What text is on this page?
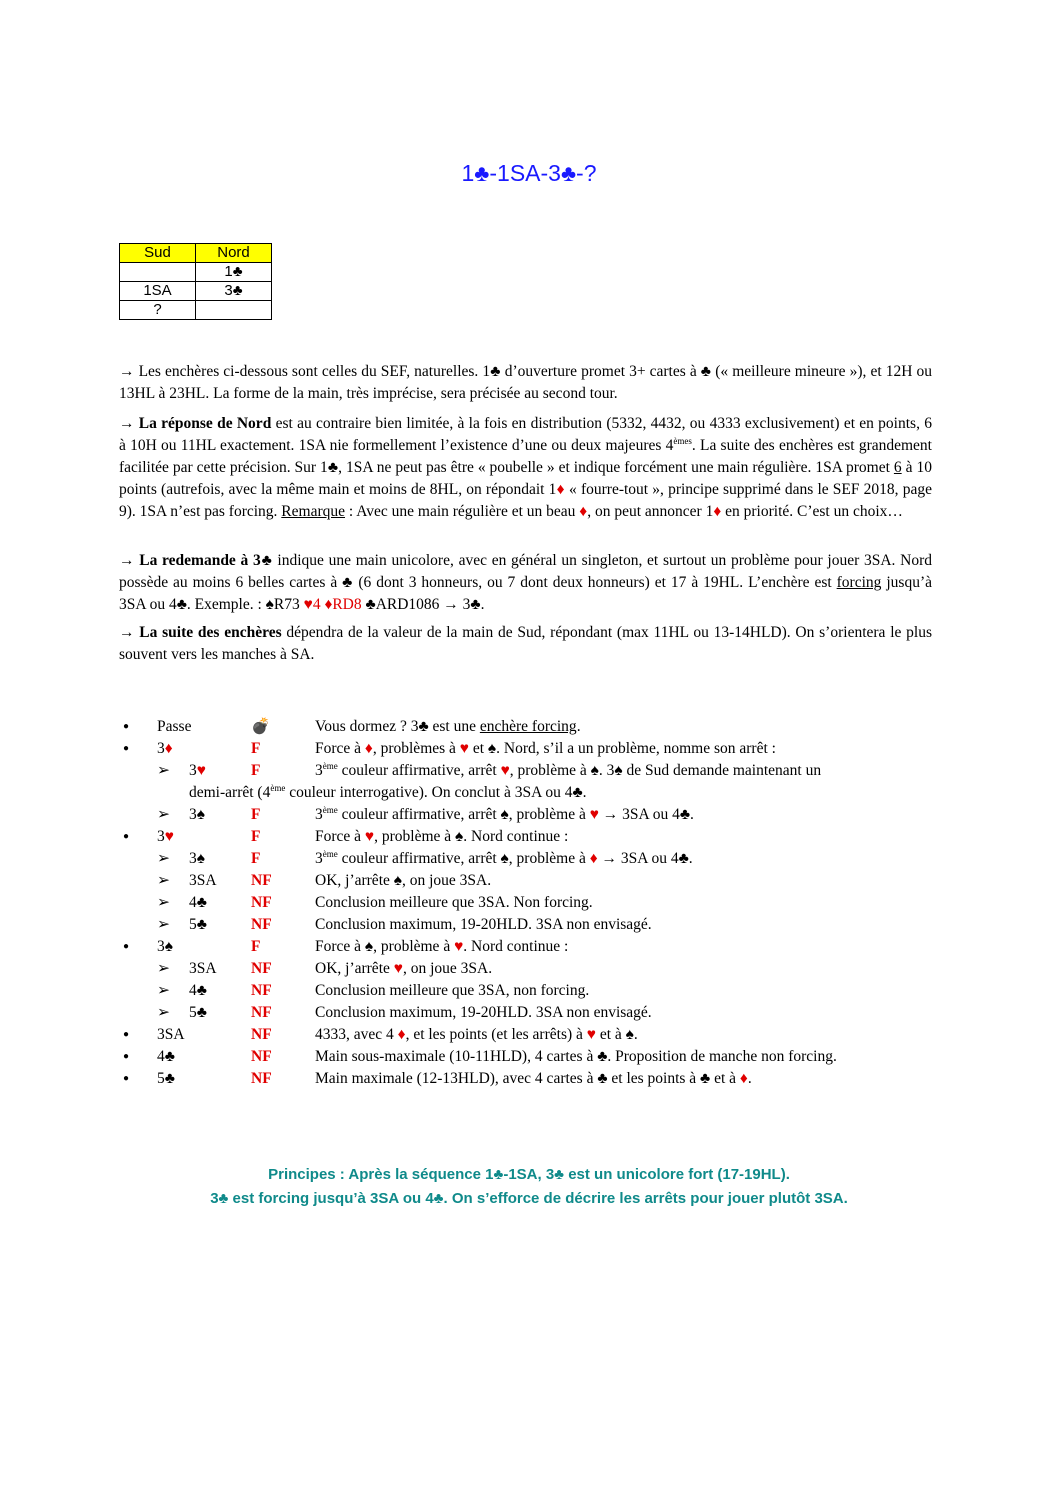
1♣-1SA-3♣-?
Sud	Nord
	1♣
1SA	3♣
?	
→ Les enchères ci-dessous sont celles du SEF, naturelles. 1♣ d’ouverture promet 3+ cartes à ♣ (« meilleure mineure »), et 12H ou 13HL à 23HL. La forme de la main, très imprécise, sera précisée au second tour.
→ La réponse de Nord est au contraire bien limitée, à la fois en distribution (5332, 4432, ou 4333 exclusivement) et en points, 6 à 10H ou 11HL exactement. 1SA nie formellement l’existence d’une ou deux majeures 4èmes. La suite des enchères est grandement facilitée par cette précision. Sur 1♣, 1SA ne peut pas être « poubelle » et indique forcément une main régulière. 1SA promet 6 à 10 points (autrefois, avec la même main et moins de 8HL, on répondait 1♦ « fourre-tout », principe supprimé dans le SEF 2018, page 9). 1SA n’est pas forcing. Remarque : Avec une main régulière et un beau ♦, on peut annoncer 1♦ en priorité. C’est un choix…
→ La redemande à 3♣ indique une main unicolore, avec en général un singleton, et surtout un problème pour jouer 3SA. Nord possède au moins 6 belles cartes à ♣ (6 dont 3 honneurs, ou 7 dont deux honneurs) et 17 à 19HL. L’enchère est forcing jusqu’à 3SA ou 4♣. Exemple. : ♠R73 ♥4 ♦RD8 ♣ARD1086 → 3♣.
→ La suite des enchères dépendra de la valeur de la main de Sud, répondant (max 11HL ou 13-14HLD). On s’orientera le plus souvent vers les manches à SA.
● Passe	💣	Vous dormez ? 3♣ est une enchère forcing.
● 3♦	F	Force à ♦, problèmes à ♥ et ♠. Nord, s’il a un problème, nomme son arrêt :
➢ 3♥	F	3ème couleur affirmative, arrêt ♥, problème à ♠. 3♠ de Sud demande maintenant un
demi-arrêt (4ème couleur interrogative). On conclut à 3SA ou 4♣.
➢ 3♠	F	3ème couleur affirmative, arrêt ♠, problème à ♥ → 3SA ou 4♣.
● 3♥	F	Force à ♥, problème à ♠. Nord continue :
➢ 3♠	F	3ème couleur affirmative, arrêt ♠, problème à ♦ → 3SA ou 4♣.
➢ 3SA NF	OK, j’arrête ♠, on joue 3SA.
➢ 4♣	NF	Conclusion meilleure que 3SA. Non forcing.
➢ 5♣	NF	Conclusion maximum, 19-20HLD. 3SA non envisagé.
● 3♠	F	Force à ♠, problème à ♥. Nord continue :
➢ 3SA NF	OK, j’arrête ♥, on joue 3SA.
➢ 4♣	NF	Conclusion meilleure que 3SA, non forcing.
➢ 5♣	NF	Conclusion maximum, 19-20HLD. 3SA non envisagé.
● 3SA	NF	4333, avec 4 ♦, et les points (et les arrêts) à ♥ et à ♠.
● 4♣	NF	Main sous-maximale (10-11HLD), 4 cartes à ♣. Proposition de manche non forcing.
● 5♣	NF	Main maximale (12-13HLD), avec 4 cartes à ♣ et les points à ♣ et à ♦.
Principes : Après la séquence 1♣-1SA, 3♣ est un unicolore fort (17-19HL).
3♣ est forcing jusqu’à 3SA ou 4♣. On s’efforce de décrire les arrêts pour jouer plutôt 3SA.
